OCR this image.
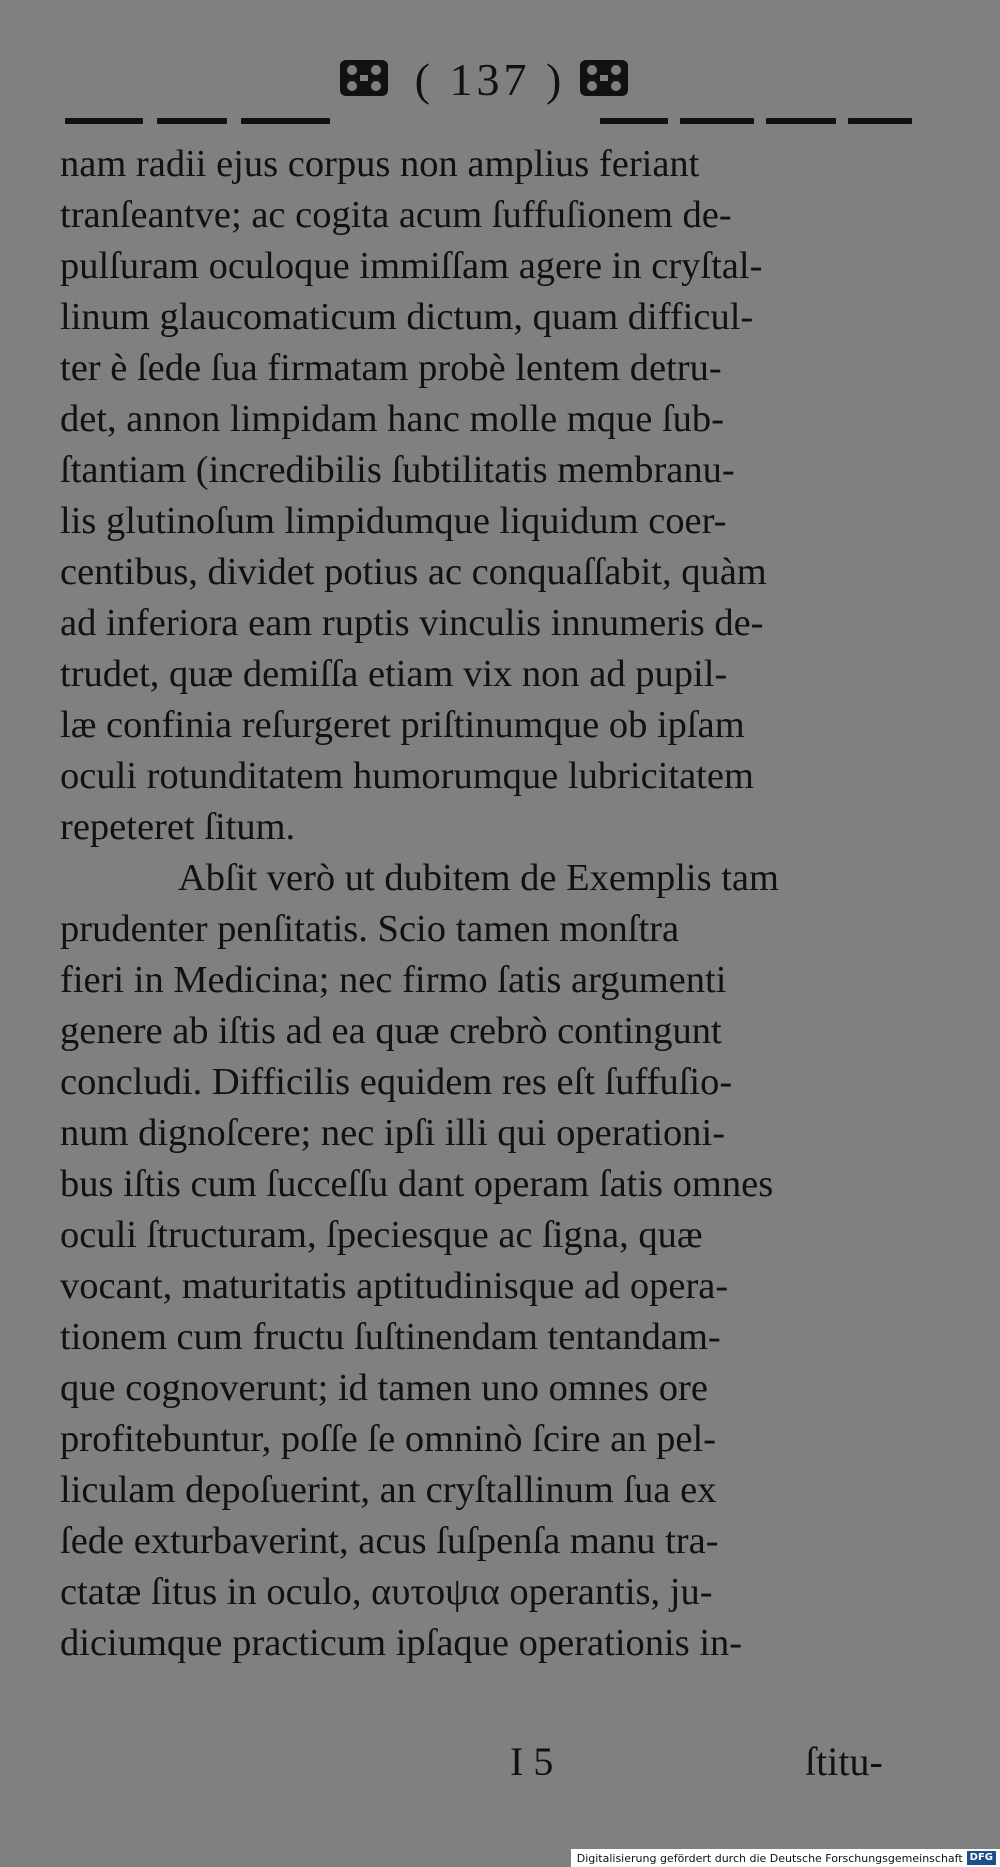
( 137 )
nam radii ejus corpus non amplius feriant
tranſeantve; ac cogita acum ſuffuſionem de-
pulſuram oculoque immiſſam agere in cryſtal-
linum glaucomaticum dictum, quam difficul-
ter è ſede ſua firmatam probè lentem detru-
det, annon limpidam hanc molle mque ſub-
ſtantiam (incredibilis ſubtilitatis membranu-
lis glutinoſum limpidumque liquidum coer-
centibus, dividet potius ac conquaſſabit, quàm
ad inferiora eam ruptis vinculis innumeris de-
trudet, quæ demiſſa etiam vix non ad pupil-
læ confinia reſurgeret priſtinumque ob ipſam
oculi rotunditatem humorumque lubricitatem
repeteret ſitum.
Abſit verò ut dubitem de Exemplis tam
prudenter penſitatis. Scio tamen monſtra
fieri in Medicina; nec firmo ſatis argumenti
genere ab iſtis ad ea quæ crebrò contingunt
concludi. Difficilis equidem res eſt ſuffuſio-
num dignoſcere; nec ipſi illi qui operationi-
bus iſtis cum ſucceſſu dant operam ſatis omnes
oculi ſtructuram, ſpeciesque ac ſigna, quæ
vocant, maturitatis aptitudinisque ad opera-
tionem cum fructu ſuſtinendam tentandam-
que cognoverunt; id tamen uno omnes ore
profitebuntur, poſſe ſe omninò ſcire an pel-
liculam depoſuerint, an cryſtallinum ſua ex
ſede exturbaverint, acus ſuſpenſa manu tra-
ctatæ ſitus in oculo, αυτοψια operantis, ju-
diciumque practicum ipſaque operationis in-
I 5	ſtitu-
Digitalisierung gefördert durch die Deutsche Forschungsgemeinschaft DFG
